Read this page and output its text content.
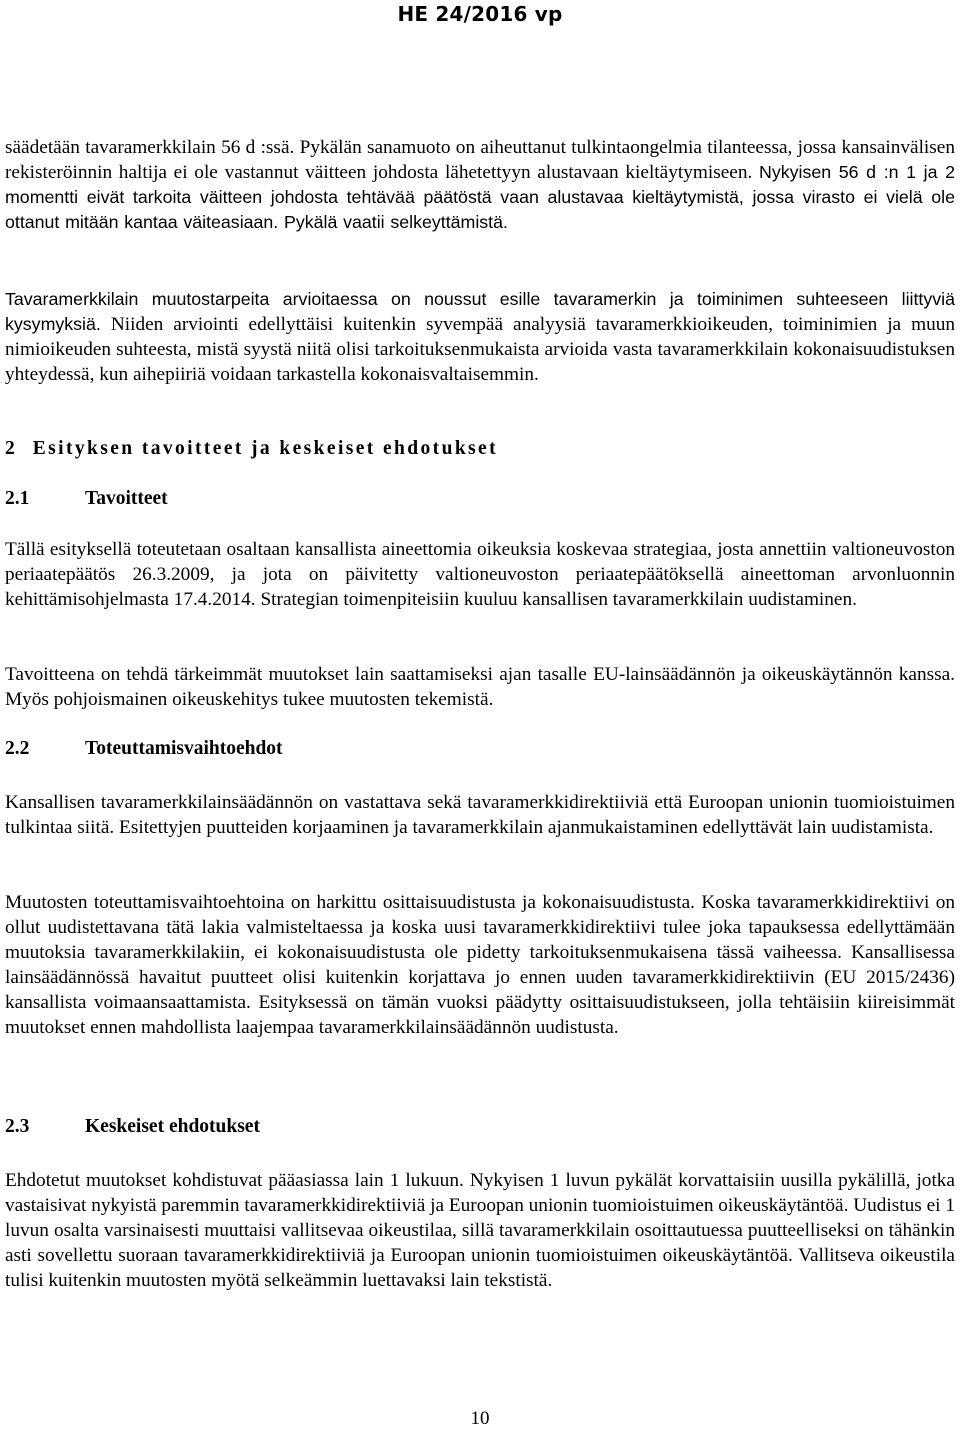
HE 24/2016 vp

säädetään tavaramerkkilain 56 d :ssä. Pykälän sanamuoto on aiheuttanut tulkintaongelmia tilanteessa, jossa kansainvälisen rekisteröinnin haltija ei ole vastannut väitteen johdosta lähetettyyn alustavaan kieltäytymiseen. Nykyisen 56 d :n 1 ja 2 momentti eivät tarkoita väitteen johdosta tehtävää päätöstä vaan alustavaa kieltäytymistä, jossa virasto ei vielä ole ottanut mitään kantaa väiteasiaan. Pykälä vaatii selkeyttämistä.

Tavaramerkkilain muutostarpeita arvioitaessa on noussut esille tavaramerkin ja toiminimen suhteeseen liittyviä kysymyksiä. Niiden arviointi edellyttäisi kuitenkin syvempää analyysiä tavaramerkkioikeuden, toiminimien ja muun nimioikeuden suhteesta, mistä syystä niitä olisi tarkoituksenmukaista arvioida vasta tavaramerkkilain kokonaisuudistuksen yhteydessä, kun aihepiiriä voidaan tarkastella kokonaisvaltaisemmin.

2 Esityksen tavoitteet ja keskeiset ehdotukset
2.1	Tavoitteet

Tällä esityksellä toteutetaan osaltaan kansallista aineettomia oikeuksia koskevaa strategiaa, josta annettiin valtioneuvoston periaatepäätös 26.3.2009, ja jota on päivitetty valtioneuvoston periaatepäätöksellä aineettoman arvonluonnin kehittämisohjelmasta 17.4.2014. Strategian toimenpiteisiin kuuluu kansallisen tavaramerkkilain uudistaminen.

Tavoitteena on tehdä tärkeimmät muutokset lain saattamiseksi ajan tasalle EU-lainsäädännön ja oikeuskäytännön kanssa. Myös pohjoismainen oikeuskehitys tukee muutosten tekemistä.

2.2	Toteuttamisvaihtoehdot

Kansallisen tavaramerkkilainsäädännön on vastattava sekä tavaramerkkidirektiiviä että Euroopan unionin tuomioistuimen tulkintaa siitä. Esitettyjen puutteiden korjaaminen ja tavaramerkkilain ajanmukaistaminen edellyttävät lain uudistamista.

Muutosten toteuttamisvaihtoehtoina on harkittu osittaisuudistusta ja kokonaisuudistusta. Koska tavaramerkkidirektiivi on ollut uudistettavana tätä lakia valmisteltaessa ja koska uusi tavaramerkkidirektiivi tulee joka tapauksessa edellyttämään muutoksia tavaramerkkilakiin, ei kokonaisuudistusta ole pidetty tarkoituksenmukaisena tässä vaiheessa. Kansallisessa lainsäädännössä havaitut puutteet olisi kuitenkin korjattava jo ennen uuden tavaramerkkidirektiivin (EU 2015/2436) kansallista voimaansaattamista. Esityksessä on tämän vuoksi päädytty osittaisuudistukseen, jolla tehtäisiin kiireisimmät muutokset ennen mahdollista laajempaa tavaramerkkilainsäädännön uudistusta.

2.3	Keskeiset ehdotukset

Ehdotetut muutokset kohdistuvat pääasiassa lain 1 lukuun. Nykyisen 1 luvun pykälät korvattaisiin uusilla pykälillä, jotka vastaisivat nykyistä paremmin tavaramerkkidirektiiviä ja Euroopan unionin tuomioistuimen oikeuskäytäntöä. Uudistus ei 1 luvun osalta varsinaisesti muuttaisi vallitsevaa oikeustilaa, sillä tavaramerkkilain osoittautuessa puutteelliseksi on tähänkin asti sovellettu suoraan tavaramerkkidirektiiviä ja Euroopan unionin tuomioistuimen oikeuskäytäntöä. Vallitseva oikeustila tulisi kuitenkin muutosten myötä selkeämmin luettavaksi lain tekstistä.

10
